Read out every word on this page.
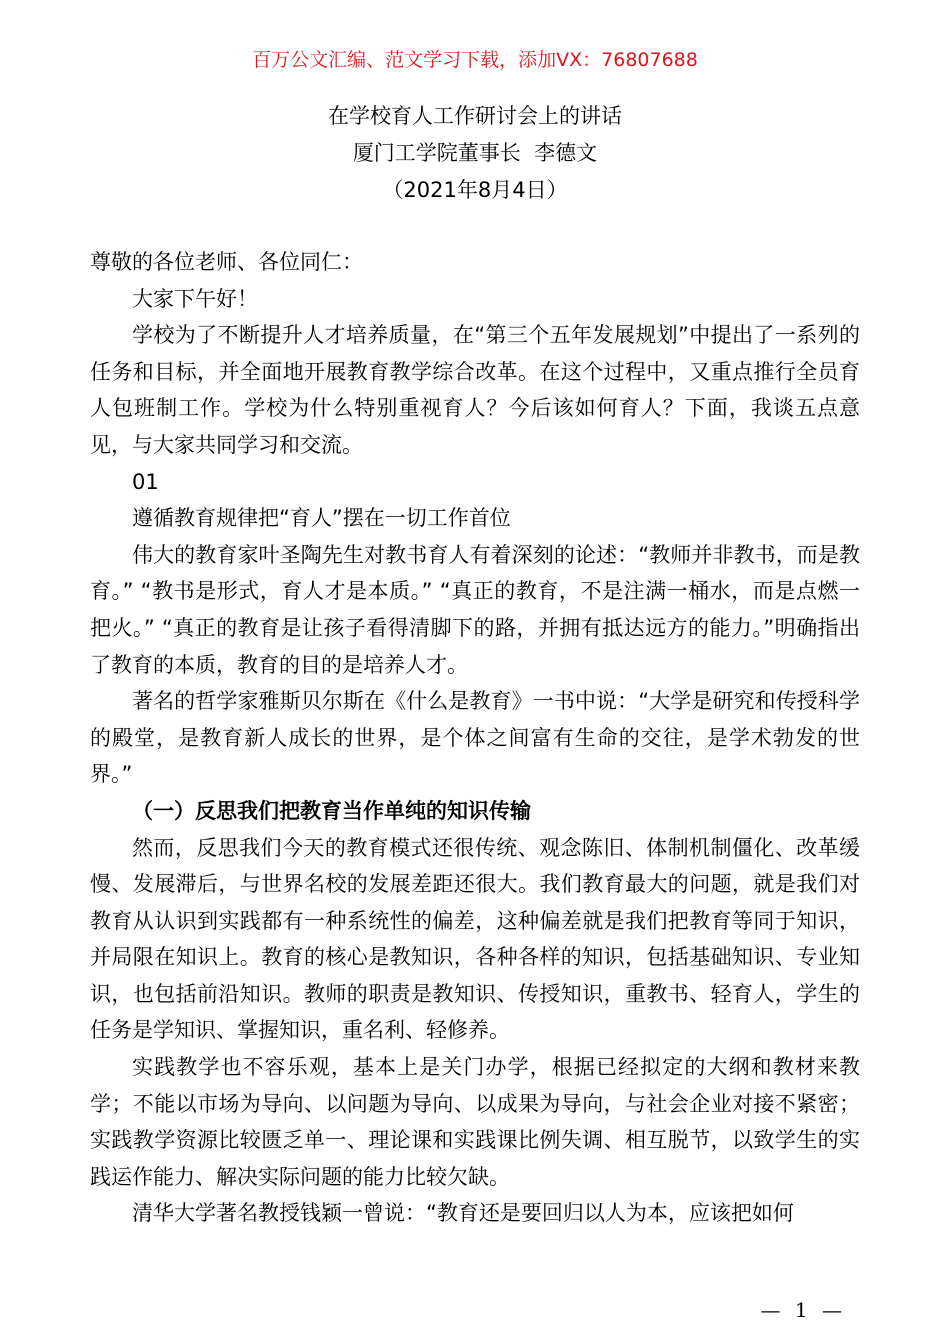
百万公文汇编、范文学习下载，添加VX：76807688
在学校育人工作研讨会上的讲话
厦门工学院董事长  李德文
（2021年8月4日）

尊敬的各位老师、各位同仁：

大家下午好！

学校为了不断提升人才培养质量，在“第三个五年发展规划”中提出了一系列的任务和目标，并全面地开展教育教学综合改革。在这个过程中，又重点推行全员育人包班制工作。学校为什么特别重视育人？今后该如何育人？下面，我谈五点意见，与大家共同学习和交流。

01

遵循教育规律把“育人”摆在一切工作首位

伟大的教育家叶圣陶先生对教书育人有着深刻的论述：“教师并非教书，而是教育。” “教书是形式，育人才是本质。” “真正的教育，不是注满一桶水，而是点燃一把火。” “真正的教育是让孩子看得清脚下的路，并拥有抵达远方的能力。”明确指出了教育的本质，教育的目的是培养人才。

著名的哲学家雅斯贝尔斯在《什么是教育》一书中说：“大学是研究和传授科学的殿堂，是教育新人成长的世界，是个体之间富有生命的交往，是学术勃发的世界。”

（一）反思我们把教育当作单纯的知识传输

然而，反思我们今天的教育模式还很传统、观念陈旧、体制机制僵化、改革缓慢、发展滞后，与世界名校的发展差距还很大。我们教育最大的问题，就是我们对教育从认识到实践都有一种系统性的偏差，这种偏差就是我们把教育等同于知识，并局限在知识上。教育的核心是教知识，各种各样的知识，包括基础知识、专业知识，也包括前沿知识。教师的职责是教知识、传授知识，重教书、轻育人，学生的任务是学知识、掌握知识，重名利、轻修养。

实践教学也不容乐观，基本上是关门办学，根据已经拟定的大纲和教材来教学；不能以市场为导向、以问题为导向、以成果为导向，与社会企业对接不紧密；实践教学资源比较匮乏单一、理论课和实践课比例失调、相互脱节，以致学生的实践运作能力、解决实际问题的能力比较欠缺。

清华大学著名教授钱颖一曾说：“教育还是要回归以人为本，应该把如何

— 1 —
